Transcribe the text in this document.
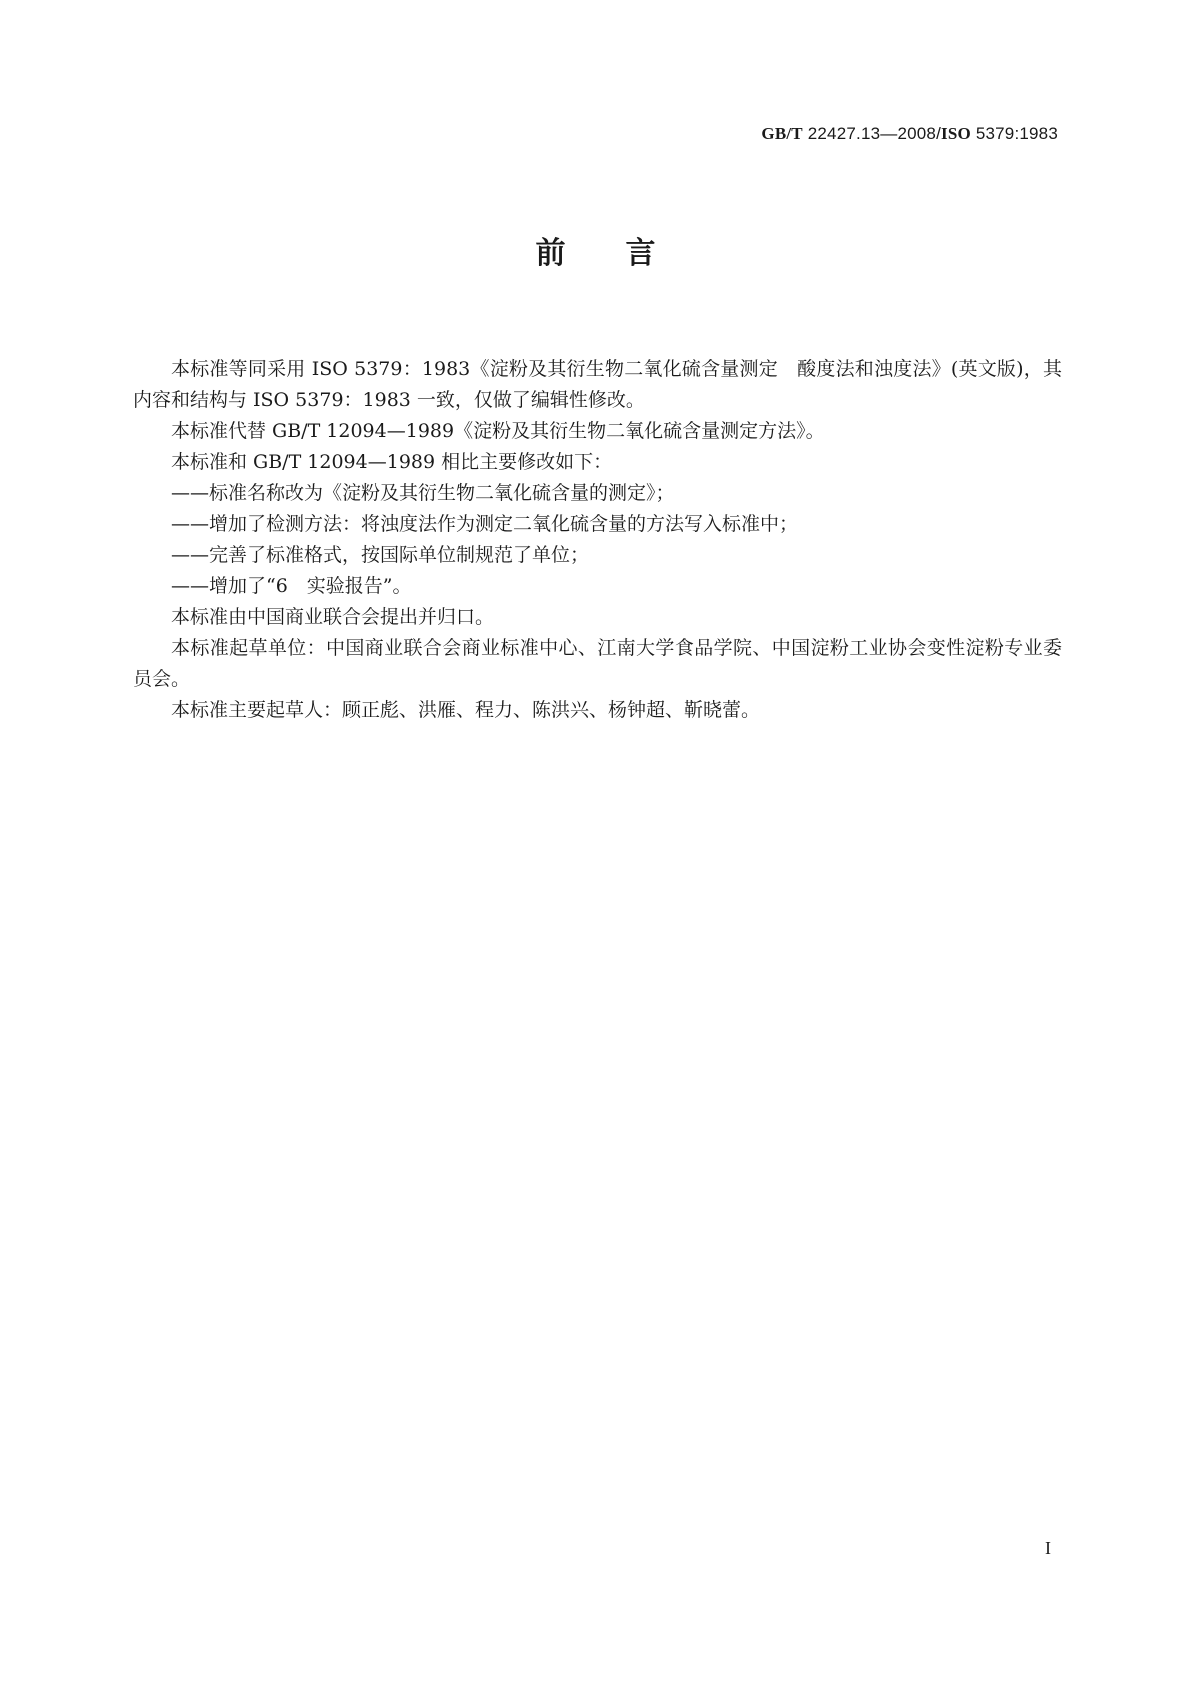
GB/T 22427.13—2008/ISO 5379:1983
前言

本标准等同采用 ISO 5379：1983《淀粉及其衍生物二氧化硫含量测定　酸度法和浊度法》(英文版)，其内容和结构与 ISO 5379：1983 一致，仅做了编辑性修改。

本标准代替 GB/T 12094—1989《淀粉及其衍生物二氧化硫含量测定方法》。

本标准和 GB/T 12094—1989 相比主要修改如下：

——标准名称改为《淀粉及其衍生物二氧化硫含量的测定》；

——增加了检测方法：将浊度法作为测定二氧化硫含量的方法写入标准中；

——完善了标准格式，按国际单位制规范了单位；

——增加了“6　实验报告”。

本标准由中国商业联合会提出并归口。

本标准起草单位：中国商业联合会商业标准中心、江南大学食品学院、中国淀粉工业协会变性淀粉专业委员会。

本标准主要起草人：顾正彪、洪雁、程力、陈洪兴、杨钟超、靳晓蕾。

I
